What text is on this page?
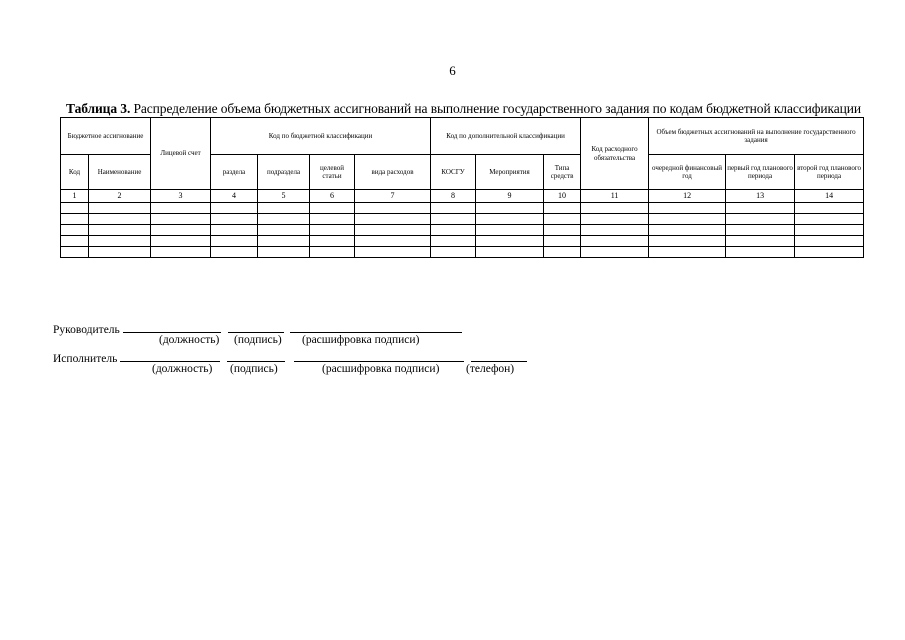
6
Таблица 3. Распределение объема бюджетных ассигнований на выполнение государственного задания по кодам бюджетной классификации
Бюджетное ассигнование		Лицевой счет	Код по бюджетной классификации				Код по дополнительной классификации			Код расходного обязательства	Объем бюджетных ассигнований на выполнение государственного задания		
Код	Наименование		раздела	подраздела	целевой статьи	вида расходов	КОСГУ	Мероприятия	Типа средств		очередной финансовый год	первый год планового периода	второй год планового периода
1	2	3	4	5	6	7	8	9	10	11	12	13	14

Руководитель
(должность) (подпись) (расшифровка подписи)
Исполнитель
(должность) (подпись)	(расшифровка подписи) (телефон)
